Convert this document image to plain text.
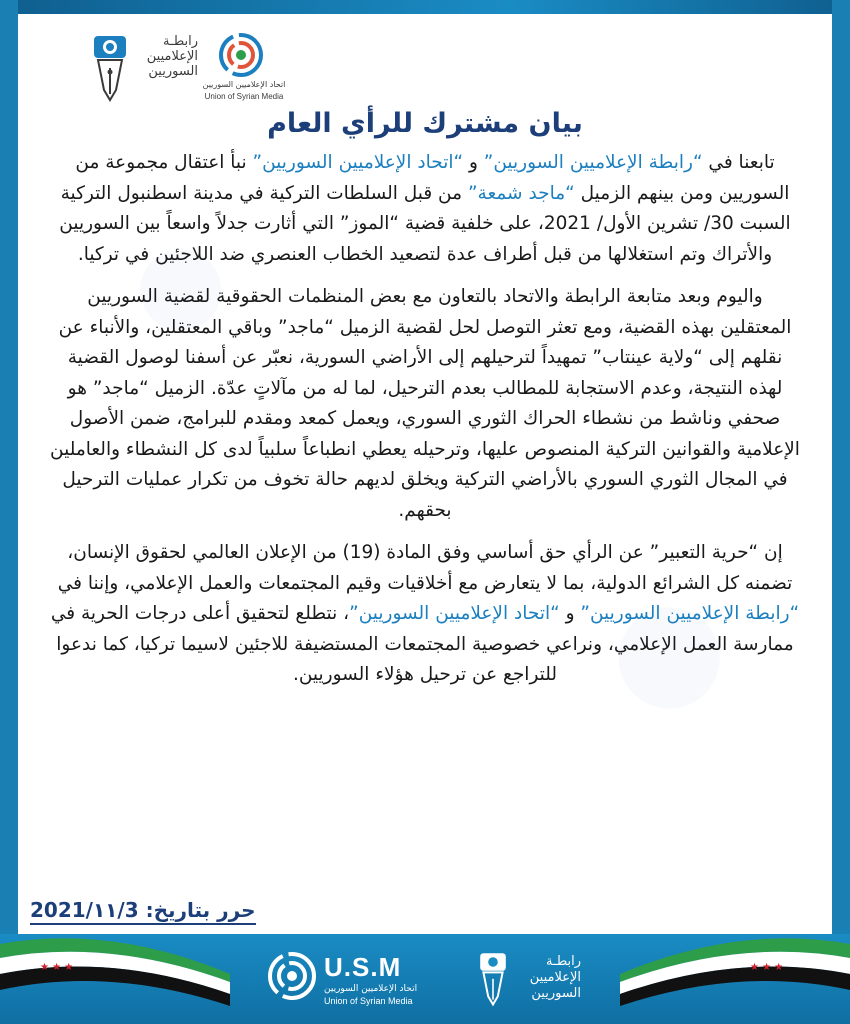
رابطـة
الإعلاميين
السوريين
اتحاد الإعلاميين السوريين
Union of Syrian Media
بيان مشترك للرأي العام

تابعنا في “رابطة الإعلاميين السوريين” و “اتحاد الإعلاميين السوريين” نبأ اعتقال مجموعة من السوريين ومن بينهم الزميل “ماجد شمعة” من قبل السلطات التركية في مدينة اسطنبول التركية السبت 30/ تشرين الأول/ 2021، على خلفية قضية “الموز” التي أثارت جدلاً واسعاً بين السوريين والأتراك وتم استغلالها من قبل أطراف عدة لتصعيد الخطاب العنصري ضد اللاجئين في تركيا.

واليوم وبعد متابعة الرابطة والاتحاد بالتعاون مع بعض المنظمات الحقوقية لقضية السوريين المعتقلين بهذه القضية، ومع تعثر التوصل لحل لقضية الزميل “ماجد” وباقي المعتقلين، والأنباء عن نقلهم إلى “ولاية عينتاب” تمهيداً لترحيلهم إلى الأراضي السورية، نعبّر عن أسفنا لوصول القضية لهذه النتيجة، وعدم الاستجابة للمطالب بعدم الترحيل، لما له من مآلاتٍ عدّة. الزميل “ماجد” هو صحفي وناشط من نشطاء الحراك الثوري السوري، ويعمل كمعد ومقدم للبرامج، ضمن الأصول الإعلامية والقوانين التركية المنصوص عليها، وترحيله يعطي انطباعاً سلبياً لدى كل النشطاء والعاملين في المجال الثوري السوري بالأراضي التركية ويخلق لديهم حالة تخوف من تكرار عمليات الترحيل بحقهم.

إن “حرية التعبير” عن الرأي حق أساسي وفق المادة (19) من الإعلان العالمي لحقوق الإنسان، تضمنه كل الشرائع الدولية، بما لا يتعارض مع أخلاقيات وقيم المجتمعات والعمل الإعلامي، وإننا في “رابطة الإعلاميين السوريين” و “اتحاد الإعلاميين السوريين”، نتطلع لتحقيق أعلى درجات الحرية في ممارسة العمل الإعلامي، ونراعي خصوصية المجتمعات المستضيفة للاجئين لاسيما تركيا، كما ندعوا للتراجع عن ترحيل هؤلاء السوريين.

حرر بتاريخ: 2021/١١/3
★ ★ ★	★ ★ ★
U.S.M
اتحاد الإعلاميين السوريين
Union of Syrian Media
رابطـة
الإعلاميين
السوريين
